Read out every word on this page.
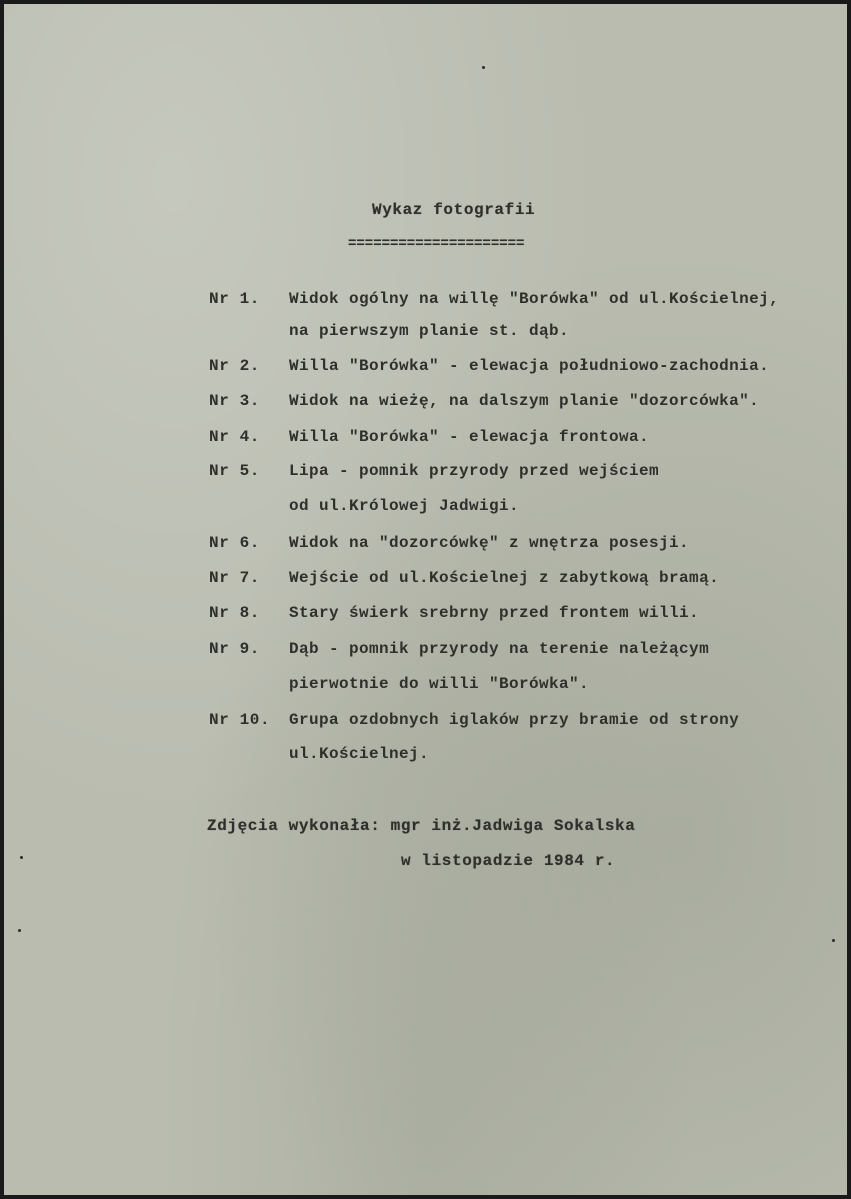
Wykaz fotografii
=====================
Nr 1. Widok ogólny na willę "Borówka" od ul.Kościelnej,
na pierwszym planie st. dąb.
Nr 2. Willa "Borówka" - elewacja południowo-zachodnia.
Nr 3. Widok na wieżę, na dalszym planie "dozorcówka".
Nr 4. Willa "Borówka" - elewacja frontowa.
Nr 5. Lipa - pomnik przyrody przed wejściem
od ul.Królowej Jadwigi.
Nr 6. Widok na "dozorcówkę" z wnętrza posesji.
Nr 7. Wejście od ul.Kościelnej z zabytkową bramą.
Nr 8. Stary świerk srebrny przed frontem willi.
Nr 9. Dąb - pomnik przyrody na terenie należącym
pierwotnie do willi "Borówka".
Nr 10. Grupa ozdobnych iglaków przy bramie od strony
ul.Kościelnej.
Zdjęcia wykonała: mgr inż.Jadwiga Sokalska
w listopadzie 1984 r.
